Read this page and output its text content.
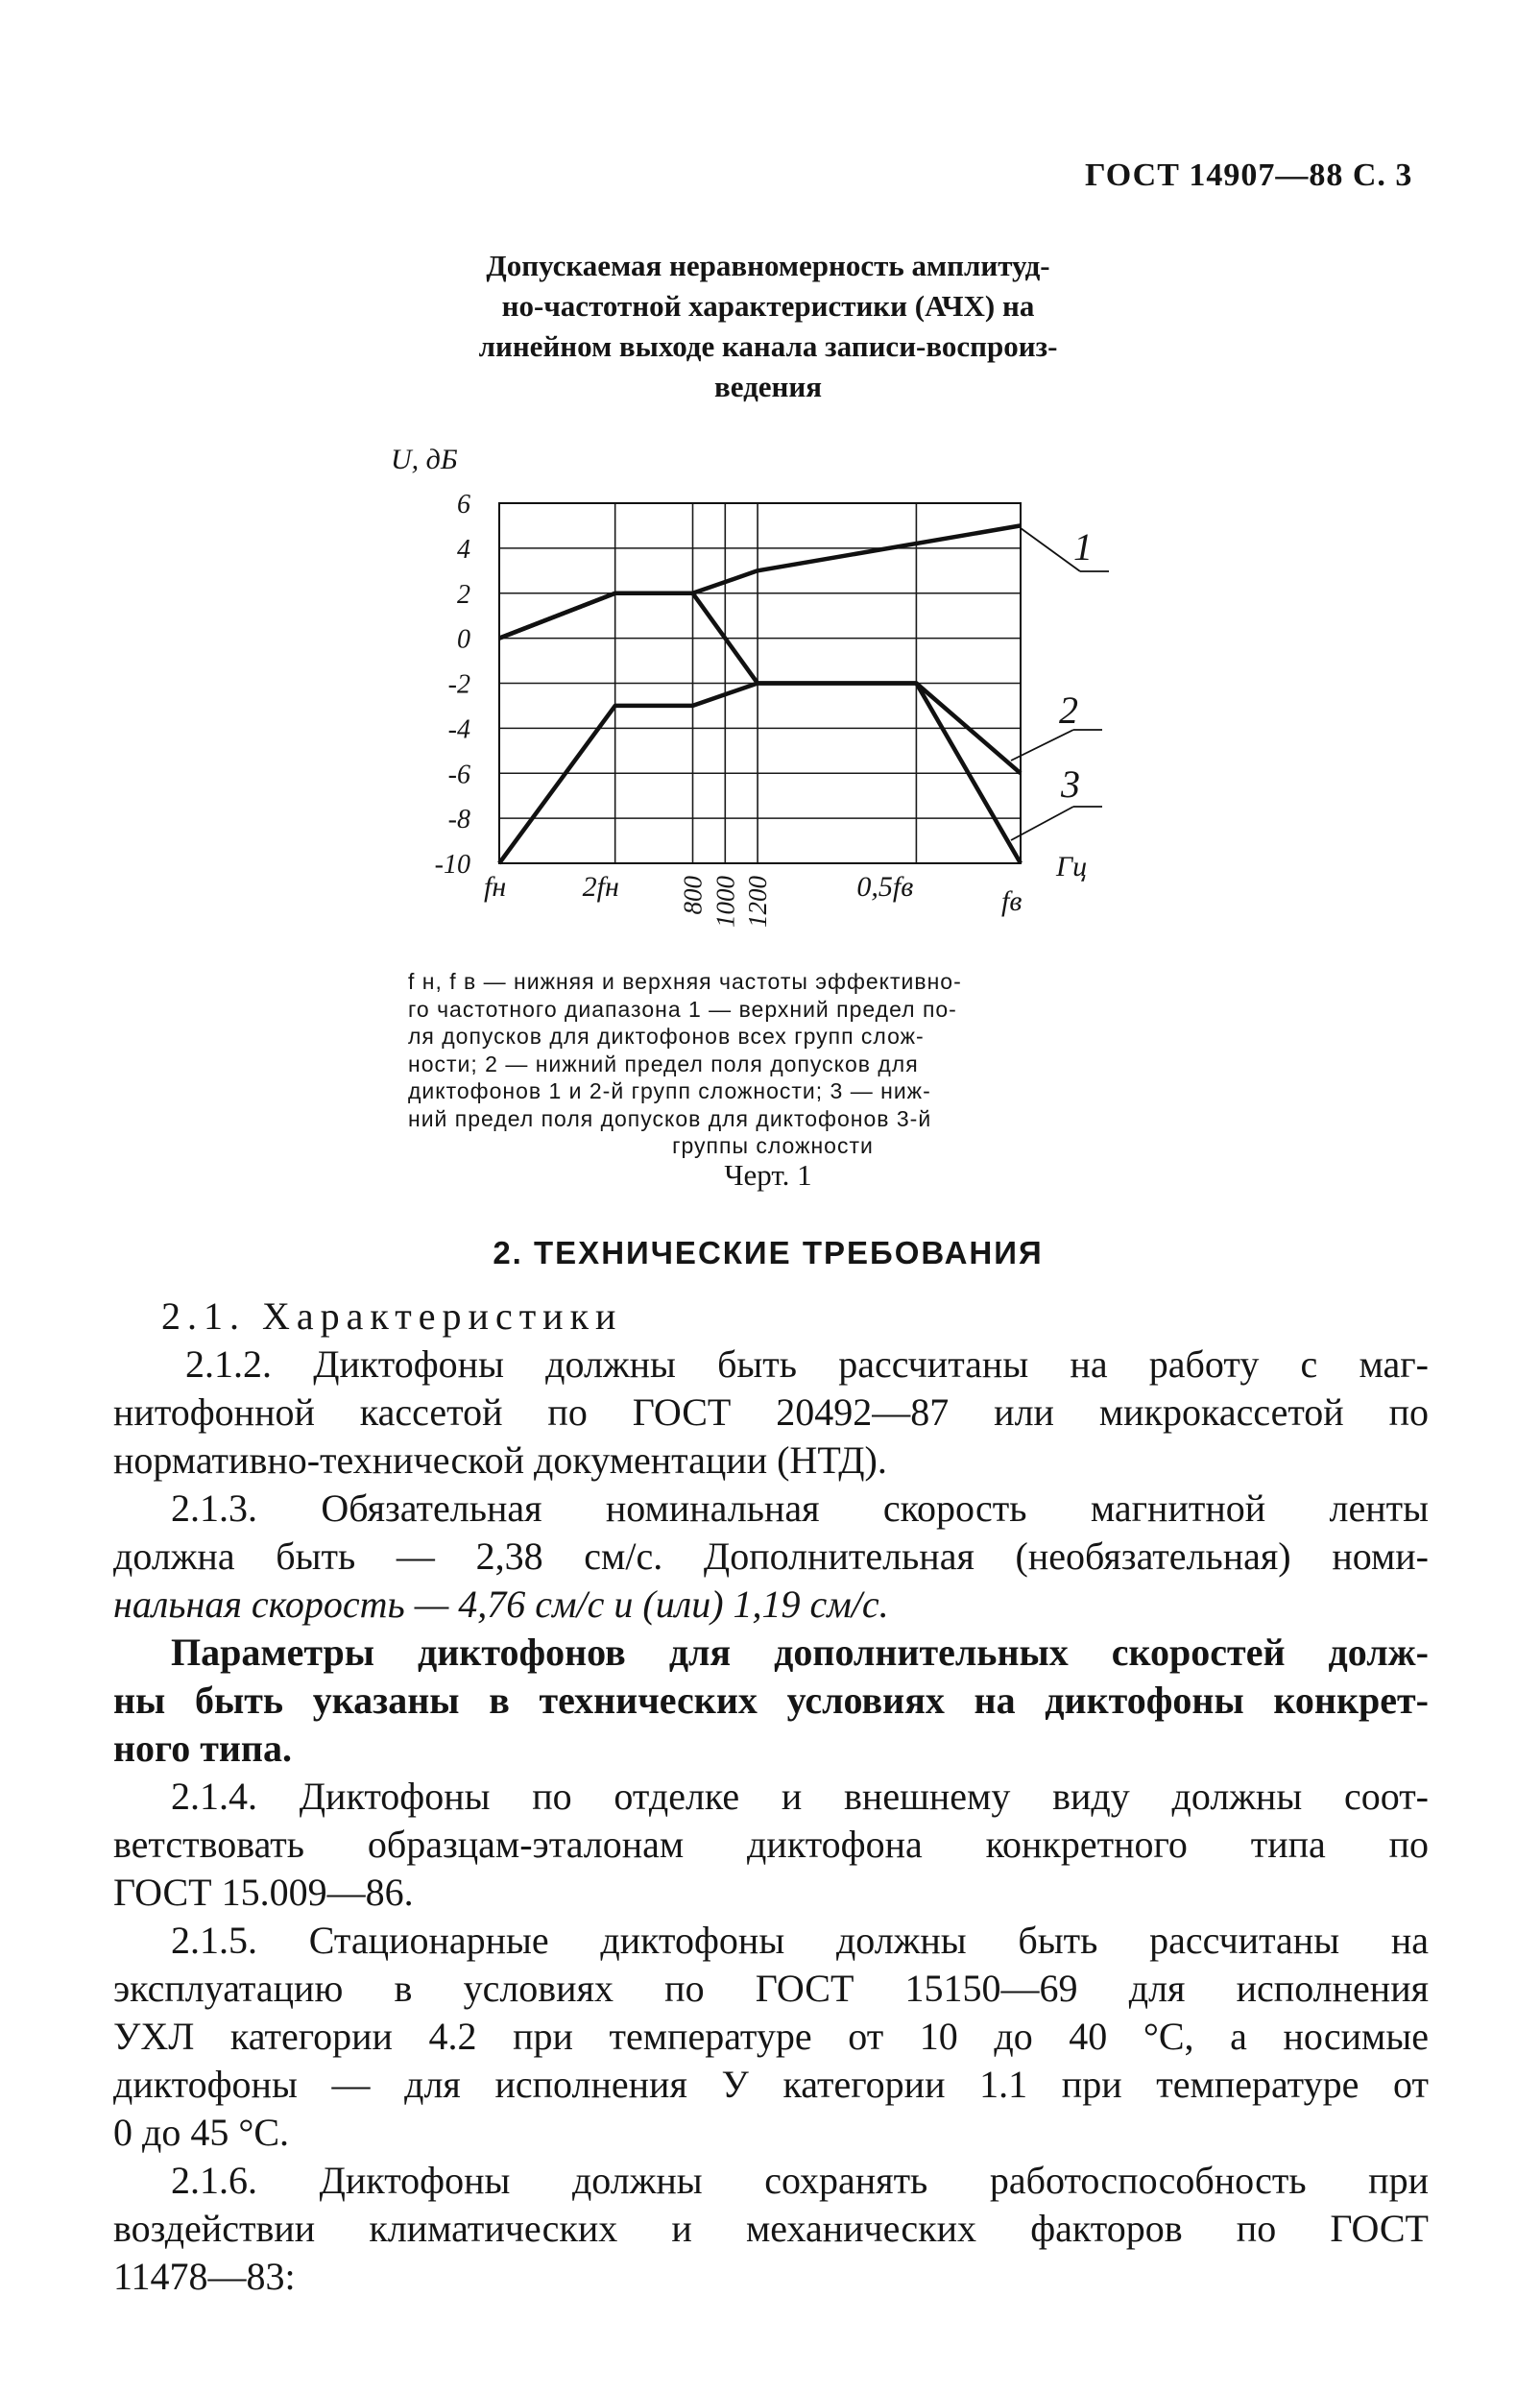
ГОСТ 14907—88 С. 3
Допускаемая неравномерность амплитуд-
но-частотной характеристики (АЧХ) на
линейном выходе канала записи-воспроиз-
ведения
6
4
2
0
-2
-4
-6
-8
-10
U, дБ
fн	2fн 800 1000 1200	0,5fв	fв
Гц
1
2
3
f н, f в — нижняя и верхняя частоты эффективно-
го частотного диапазона 1 — верхний предел по-
ля допусков для диктофонов всех групп слож-
ности; 2 — нижний предел поля допусков для
диктофонов 1 и 2-й групп сложности; 3 — ниж-
ний предел поля допусков для диктофонов 3-й
группы сложности
Черт. 1
2. ТЕХНИЧЕСКИЕ ТРЕБОВАНИЯ
2.1. Характеристики
2.1.2. Диктофоны должны быть рассчитаны на работу с маг-
нитофонной кассетой по ГОСТ 20492—87 или микрокассетой по
нормативно-технической документации (НТД).
2.1.3. Обязательная номинальная скорость магнитной ленты
должна быть — 2,38 см/с. Дополнительная (необязательная) номи-
нальная скорость — 4,76 см/с и (или) 1,19 см/с.
Параметры диктофонов для дополнительных скоростей долж-
ны быть указаны в технических условиях на диктофоны конкрет-
ного типа.
2.1.4. Диктофоны по отделке и внешнему виду должны соот-
ветствовать образцам-эталонам диктофона конкретного типа по
ГОСТ 15.009—86.
2.1.5. Стационарные диктофоны должны быть рассчитаны на
эксплуатацию в условиях по ГОСТ 15150—69 для исполнения
УХЛ категории 4.2 при температуре от 10 до 40 °С, а носимые
диктофоны — для исполнения У категории 1.1 при температуре от
0 до 45 °С.
2.1.6. Диктофоны должны сохранять работоспособность при
воздействии климатических и механических факторов по ГОСТ
11478—83:
